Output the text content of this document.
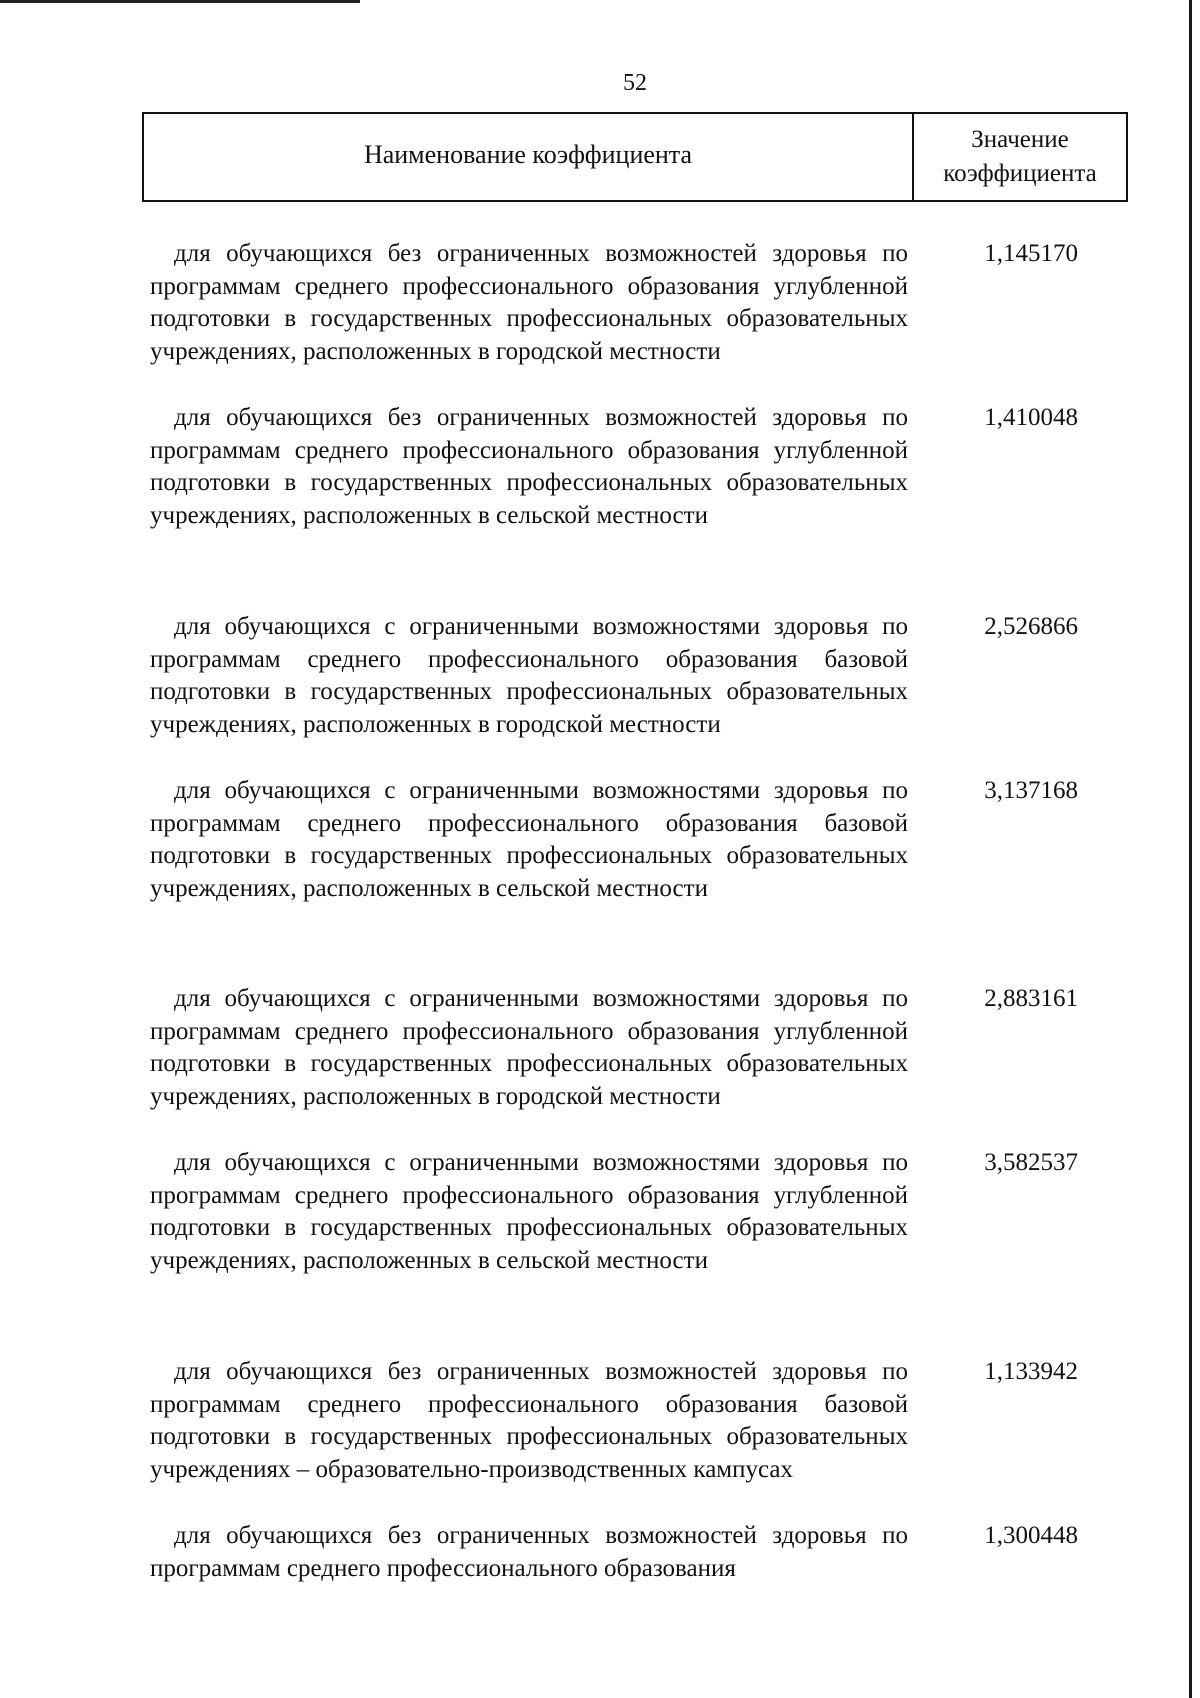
52
Наименование коэффициента
Значение коэффициента
для обучающихся без ограниченных возможностей здоровья по программам среднего профессионального образования углубленной подготовки в государственных профессиональных образовательных учреждениях, расположенных в городской местности
1,145170
для обучающихся без ограниченных возможностей здоровья по программам среднего профессионального образования углубленной подготовки в государственных профессиональных образовательных учреждениях, расположенных в сельской местности
1,410048
для обучающихся с ограниченными возможностями здоровья по программам среднего профессионального образования базовой подготовки в государственных профессиональных образовательных учреждениях, расположенных в городской местности
2,526866
для обучающихся с ограниченными возможностями здоровья по программам среднего профессионального образования базовой подготовки в государственных профессиональных образовательных учреждениях, расположенных в сельской местности
3,137168
для обучающихся с ограниченными возможностями здоровья по программам среднего профессионального образования углубленной подготовки в государственных профессиональных образовательных учреждениях, расположенных в городской местности
2,883161
для обучающихся с ограниченными возможностями здоровья по программам среднего профессионального образования углубленной подготовки в государственных профессиональных образовательных учреждениях, расположенных в сельской местности
3,582537
для обучающихся без ограниченных возможностей здоровья по программам среднего профессионального образования базовой подготовки в государственных профессиональных образовательных учреждениях – образовательно-производственных кампусах
1,133942
для обучающихся без ограниченных возможностей здоровья по программам среднего профессионального образования
1,300448
